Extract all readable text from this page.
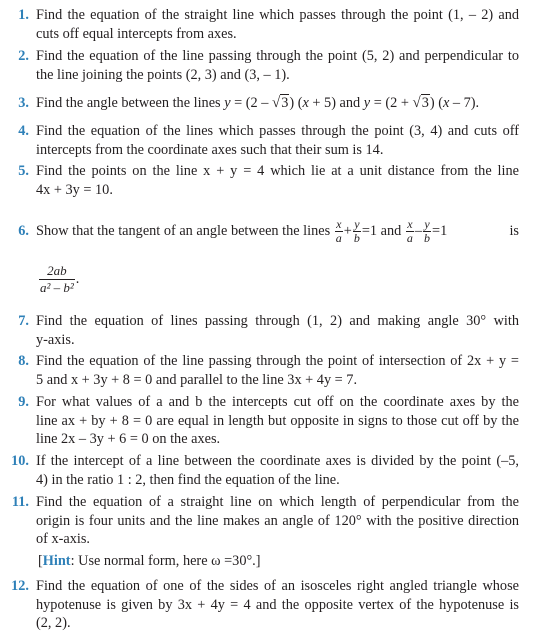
1. Find the equation of the straight line which passes through the point (1, – 2) and
cuts off equal intercepts from axes.
2. Find the equation of the line passing through the point (5, 2) and perpendicular to
the line joining the points (2, 3) and (3, – 1).
3. Find the angle between the lines y = (2 – √3) (x + 5) and y = (2 + √3) (x – 7).
4. Find the equation of the lines which passes through the point (3, 4) and cuts off
intercepts from the coordinate axes such that their sum is 14.
5. Find the points on the line x + y = 4 which lie at a unit distance from the line
4x + 3y = 10.
6. Show that the tangent of an angle between the lines
$\frac{x}{a} + \frac{y}{b} =1$
and
$\frac{x}{a} - \frac{y}{b} =1$
	is
$\frac{2ab}{\text{a² – b²}}$ .
7. Find the equation of lines passing through (1, 2) and making angle 30° with
y-axis.
8. Find the equation of the line passing through the point of intersection of 2x + y =
5 and x + 3y + 8 = 0 and parallel to the line 3x + 4y = 7.
9. For what values of a and b the intercepts cut off on the coordinate axes by the
line ax + by + 8 = 0 are equal in length but opposite in signs to those cut off by the
line 2x – 3y + 6 = 0 on the axes.
10. If the intercept of a line between the coordinate axes is divided by the point (–5,
4) in the ratio 1 : 2, then find the equation of the line.
11. Find the equation of a straight line on which length of perpendicular from the
origin is four units and the line makes an angle of 120° with the positive direction
of x-axis.
[Hint: Use normal form, here ω =30°.]
12. Find the equation of one of the sides of an isosceles right angled triangle whose
hypotenuse is given by 3x + 4y = 4 and the opposite vertex of the hypotenuse is
(2, 2).
